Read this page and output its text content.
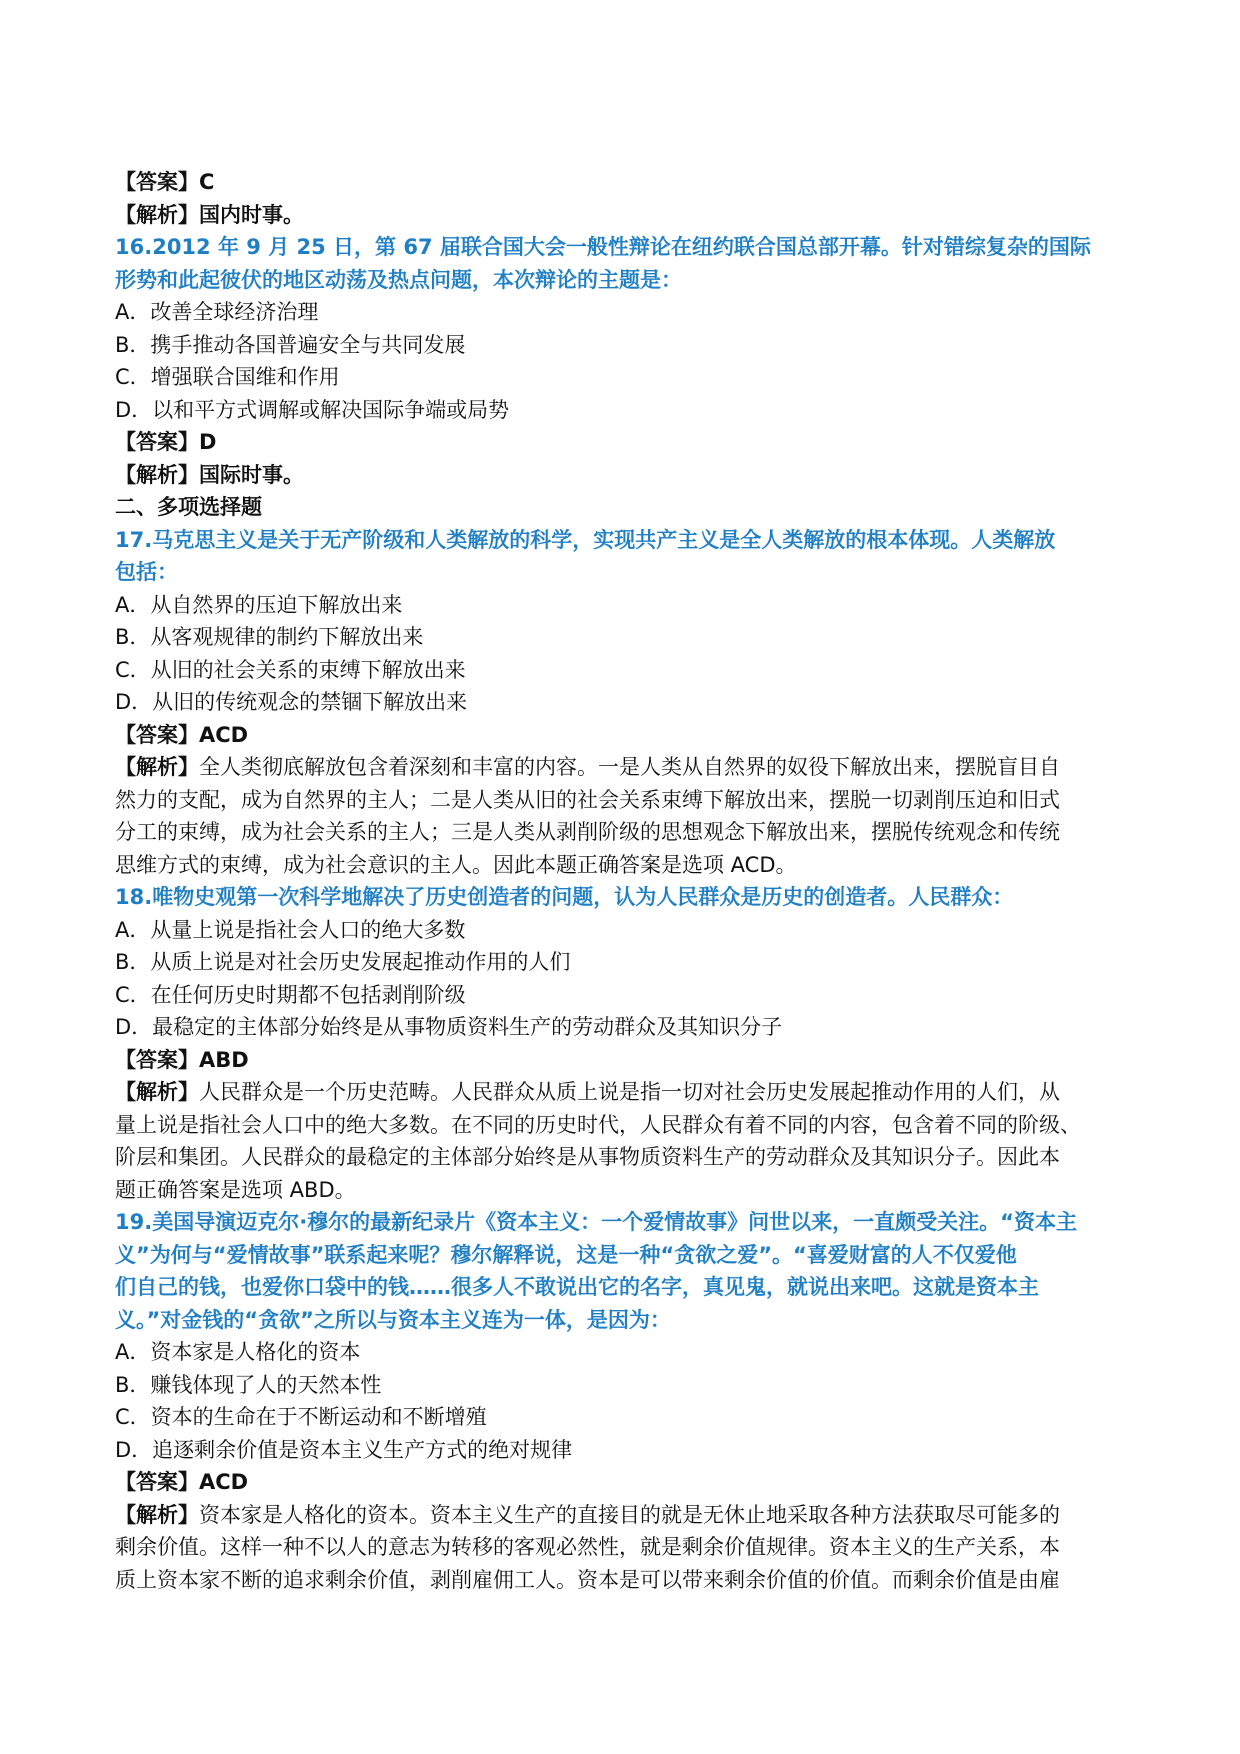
【答案】C

【解析】国内时事。

16.2012 年 9 月 25 日，第 67 届联合国大会一般性辩论在纽约联合国总部开幕。针对错综复杂的国际

形势和此起彼伏的地区动荡及热点问题，本次辩论的主题是：

A．改善全球经济治理

B．携手推动各国普遍安全与共同发展

C．增强联合国维和作用

D．以和平方式调解或解决国际争端或局势

【答案】D

【解析】国际时事。

二、多项选择题

17.马克思主义是关于无产阶级和人类解放的科学，实现共产主义是全人类解放的根本体现。人类解放

包括：

A．从自然界的压迫下解放出来

B．从客观规律的制约下解放出来

C．从旧的社会关系的束缚下解放出来

D．从旧的传统观念的禁锢下解放出来

【答案】ACD

【解析】全人类彻底解放包含着深刻和丰富的内容。一是人类从自然界的奴役下解放出来，摆脱盲目自

然力的支配，成为自然界的主人；二是人类从旧的社会关系束缚下解放出来，摆脱一切剥削压迫和旧式

分工的束缚，成为社会关系的主人；三是人类从剥削阶级的思想观念下解放出来，摆脱传统观念和传统

思维方式的束缚，成为社会意识的主人。因此本题正确答案是选项 ACD。

18.唯物史观第一次科学地解决了历史创造者的问题，认为人民群众是历史的创造者。人民群众：

A．从量上说是指社会人口的绝大多数

B．从质上说是对社会历史发展起推动作用的人们

C．在任何历史时期都不包括剥削阶级

D．最稳定的主体部分始终是从事物质资料生产的劳动群众及其知识分子

【答案】ABD

【解析】人民群众是一个历史范畴。人民群众从质上说是指一切对社会历史发展起推动作用的人们，从

量上说是指社会人口中的绝大多数。在不同的历史时代，人民群众有着不同的内容，包含着不同的阶级、

阶层和集团。人民群众的最稳定的主体部分始终是从事物质资料生产的劳动群众及其知识分子。因此本

题正确答案是选项 ABD。

19.美国导演迈克尔·穆尔的最新纪录片《资本主义：一个爱情故事》问世以来，一直颇受关注。“资本主

义”为何与“爱情故事”联系起来呢？穆尔解释说，这是一种“贪欲之爱”。“喜爱财富的人不仅爱他

们自己的钱，也爱你口袋中的钱……很多人不敢说出它的名字，真见鬼，就说出来吧。这就是资本主

义。”对金钱的“贪欲”之所以与资本主义连为一体，是因为：

A．资本家是人格化的资本

B．赚钱体现了人的天然本性

C．资本的生命在于不断运动和不断增殖

D．追逐剩余价值是资本主义生产方式的绝对规律

【答案】ACD

【解析】资本家是人格化的资本。资本主义生产的直接目的就是无休止地采取各种方法获取尽可能多的

剩余价值。这样一种不以人的意志为转移的客观必然性，就是剩余价值规律。资本主义的生产关系，本

质上资本家不断的追求剩余价值，剥削雇佣工人。资本是可以带来剩余价值的价值。而剩余价值是由雇
